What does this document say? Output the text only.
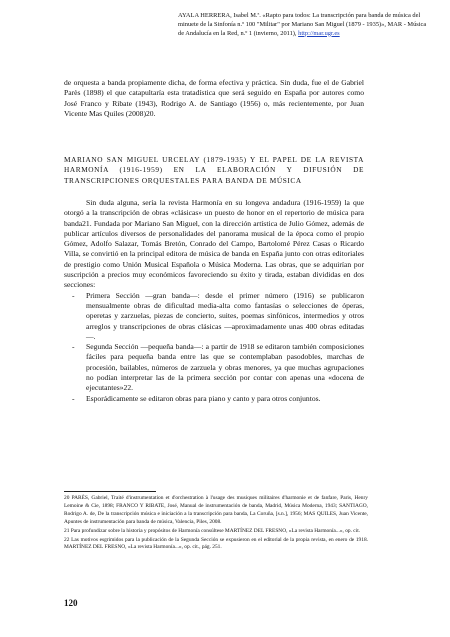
AYALA HERRERA, Isabel M.ª. «Rapto para todos: La transcripción para banda de música del minuete de la Sinfonía n.º 100 "Militar" por Mariano San Miguel (1879 - 1935)», MAR - Música de Andalucía en la Red, n.º 1 (invierno, 2011), http://mar.ugr.es

de orquesta a banda propiamente dicha, de forma efectiva y práctica. Sin duda, fue el de Gabriel Parès (1898) el que catapultaría esta tratadística que será seguido en España por autores como José Franco y Ribate (1943), Rodrigo A. de Santiago (1956) o, más recientemente, por Juan Vicente Mas Quiles (2008)20.

MARIANO SAN MIGUEL URCELAY (1879-1935) Y EL PAPEL DE LA REVISTA HARMONÍA (1916-1959) EN LA ELABORACIÓN Y DIFUSIÓN DE TRANSCRIPCIONES ORQUESTALES PARA BANDA DE MÚSICA

Sin duda alguna, sería la revista Harmonía en su longeva andadura (1916-1959) la que otorgó a la transcripción de obras «clásicas» un puesto de honor en el repertorio de música para banda21. Fundada por Mariano San Miguel, con la dirección artística de Julio Gómez, además de publicar artículos diversos de personalidades del panorama musical de la época como el propio Gómez, Adolfo Salazar, Tomás Bretón, Conrado del Campo, Bartolomé Pérez Casas o Ricardo Villa, se convirtió en la principal editora de música de banda en España junto con otras editoriales de prestigio como Unión Musical Española o Música Moderna. Las obras, que se adquirían por suscripción a precios muy económicos favoreciendo su éxito y tirada, estaban divididas en dos secciones:

- Primera Sección —gran banda—: desde el primer número (1916) se publicaron mensualmente obras de dificultad media-alta como fantasías o selecciones de óperas, operetas y zarzuelas, piezas de concierto, suites, poemas sinfónicos, intermedios y otros arreglos y transcripciones de obras clásicas —aproximadamente unas 400 obras editadas—.
- Segunda Sección —pequeña banda—: a partir de 1918 se editaron también composiciones fáciles para pequeña banda entre las que se contemplaban pasodobles, marchas de procesión, bailables, números de zarzuela y obras menores, ya que muchas agrupaciones no podían interpretar las de la primera sección por contar con apenas una «docena de ejecutantes»22.
- Esporádicamente se editaron obras para piano y canto y para otros conjuntos.

20 PARÈS, Gabriel, Traité d'instrumentation et d'orchestration à l'usage des musiques militaires d'harmonie et de fanfare, Paris, Henry Lemoine & Cie, 1898; FRANCO Y RIBATE, José, Manual de instrumentación de banda, Madrid, Música Moderna, 1943; SANTIAGO, Rodrigo A. de, De la transcripción música e iniciación a la transcripción para banda, La Coruña, [s.n.], 1956; MAS QUILES, Juan Vicente, Apuntes de instrumentación para banda de música, Valencia, Piles, 2008.

21 Para profundizar sobre la historia y propósitos de Harmonía consúltese MARTÍNEZ DEL FRESNO, «La revista Harmonía...», op. cit.

22 Las motivos esgrimidos para la publicación de la Segunda Sección se expusieron en el editorial de la propia revista, en enero de 1918. MARTÍNEZ DEL FRESNO, «La revista Harmonía...», op. cit., pág. 251.

120
